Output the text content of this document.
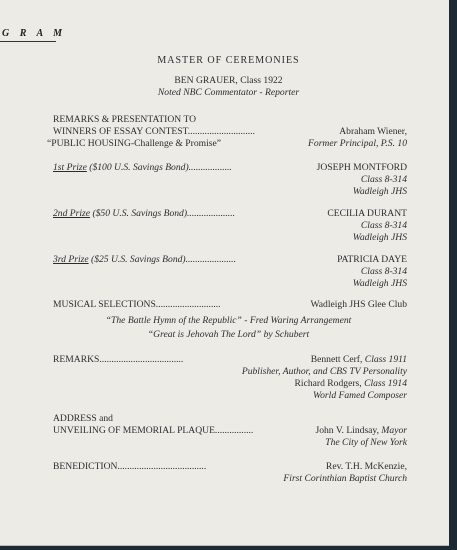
G R A M
MASTER OF CEREMONIES
BEN GRAUER, Class 1922
Noted NBC Commentator - Reporter
REMARKS & PRESENTATION TO
WINNERS OF ESSAY CONTEST............................	Abraham Wiener,
“PUBLIC HOUSING-Challenge & Promise”	Former Principal, P.S. 10
1st Prize ($100 U.S. Savings Bond)..................	JOSEPH MONTFORD
Class 8-314
Wadleigh JHS
2nd Prize ($50 U.S. Savings Bond)....................	CECILIA DURANT
Class 8-314
Wadleigh JHS
3rd Prize ($25 U.S. Savings Bond).....................	PATRICIA DAYE
Class 8-314
Wadleigh JHS
MUSICAL SELECTIONS...........................	Wadleigh JHS Glee Club
“The Battle Hymn of the Republic” - Fred Waring Arrangement
“Great is Jehovah The Lord” by Schubert
REMARKS...................................	Bennett Cerf, Class 1911
Publisher, Author, and CBS TV Personality
Richard Rodgers, Class 1914
World Famed Composer
ADDRESS and
UNVEILING OF MEMORIAL PLAQUE................	John V. Lindsay, Mayor
The City of New York
BENEDICTION.....................................	Rev. T.H. McKenzie,
First Corinthian Baptist Church
